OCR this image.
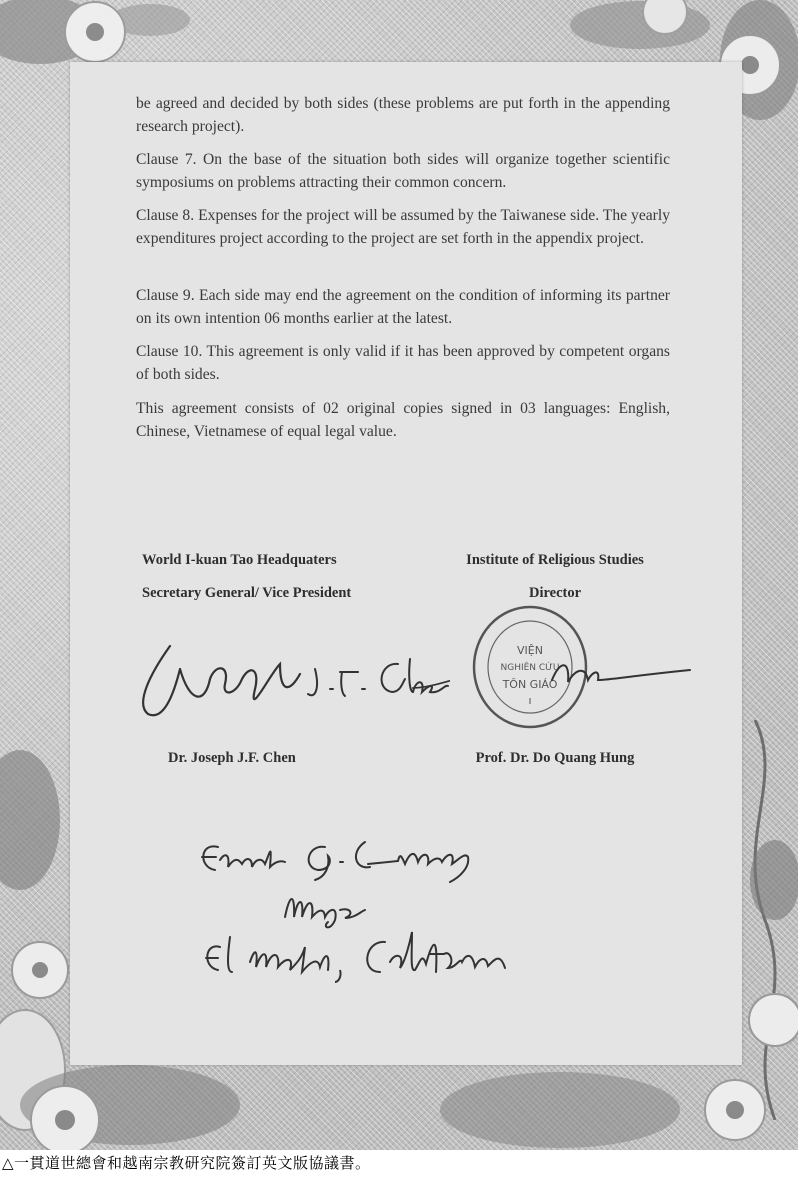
be agreed and decided by both sides (these problems are put forth in the appending research project).

Clause 7. On the base of the situation both sides will organize together scientific symposiums on problems attracting their common concern.

Clause 8. Expenses for the project will be assumed by the Taiwanese side. The yearly expenditures project according to the project are set forth in the appendix project.

Clause 9. Each side may end the agreement on the condition of informing its partner on its own intention 06 months earlier at the latest.

Clause 10. This agreement is only valid if it has been approved by competent organs of both sides.

This agreement consists of 02 original copies signed in 03 languages: English, Chinese, Vietnamese of equal legal value.

World I-kuan Tao Headquaters
Secretary General/ Vice President
Institute of Religious Studies
Director
VIỆN
NGHIÊN CỨU
TÔN GIÁO
Dr. Joseph J.F. Chen	Prof. Dr. Do Quang Hung
△一貫道世總會和越南宗教研究院簽訂英文版協議書。
